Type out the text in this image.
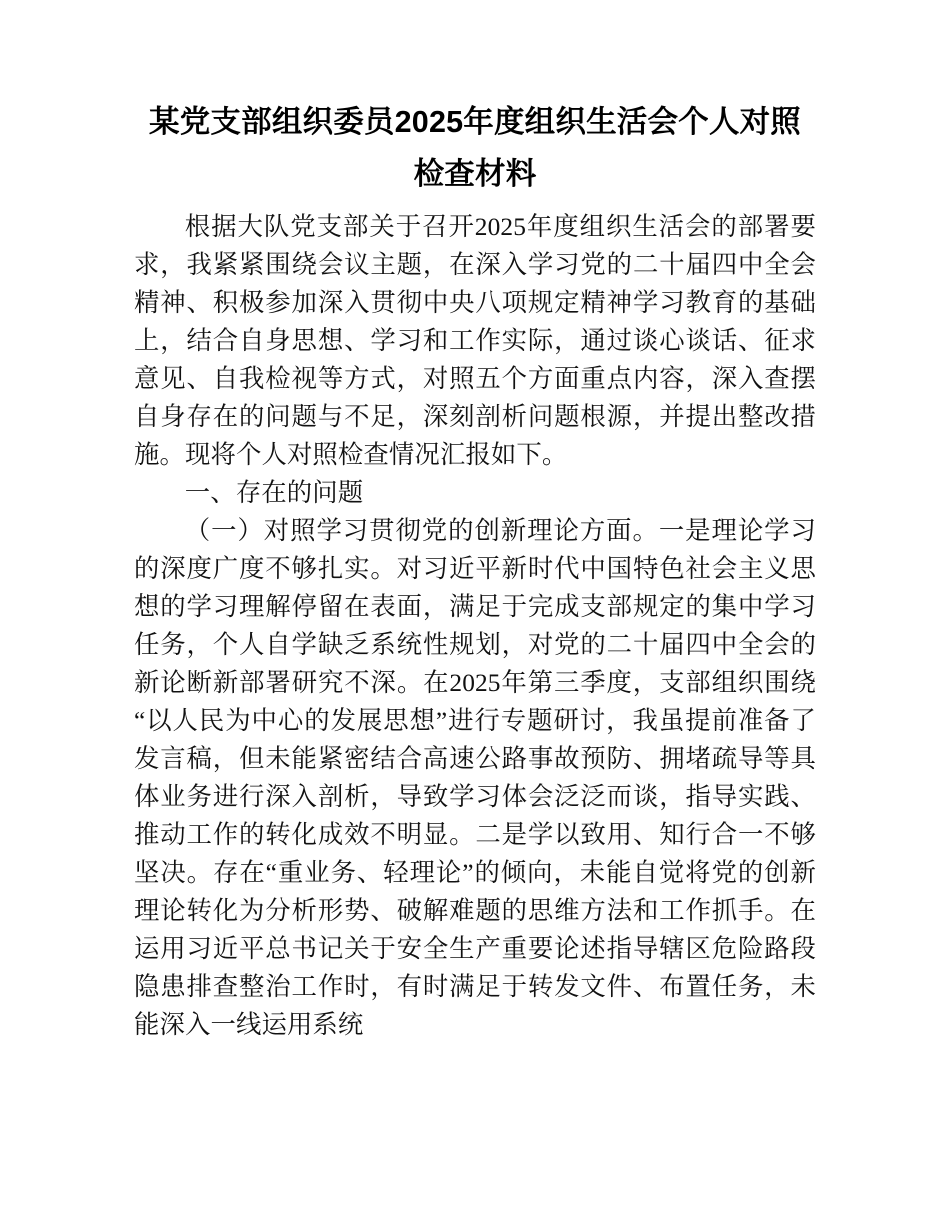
某党支部组织委员2025年度组织生活会个人对照检查材料

根据大队党支部关于召开2025年度组织生活会的部署要求，我紧紧围绕会议主题，在深入学习党的二十届四中全会精神、积极参加深入贯彻中央八项规定精神学习教育的基础上，结合自身思想、学习和工作实际，通过谈心谈话、征求意见、自我检视等方式，对照五个方面重点内容，深入查摆自身存在的问题与不足，深刻剖析问题根源，并提出整改措施。现将个人对照检查情况汇报如下。

一、存在的问题

（一）对照学习贯彻党的创新理论方面。一是理论学习的深度广度不够扎实。对习近平新时代中国特色社会主义思想的学习理解停留在表面，满足于完成支部规定的集中学习任务，个人自学缺乏系统性规划，对党的二十届四中全会的新论断新部署研究不深。在2025年第三季度，支部组织围绕“以人民为中心的发展思想”进行专题研讨，我虽提前准备了发言稿，但未能紧密结合高速公路事故预防、拥堵疏导等具体业务进行深入剖析，导致学习体会泛泛而谈，指导实践、推动工作的转化成效不明显。二是学以致用、知行合一不够坚决。存在“重业务、轻理论”的倾向，未能自觉将党的创新理论转化为分析形势、破解难题的思维方法和工作抓手。在运用习近平总书记关于安全生产重要论述指导辖区危险路段隐患排查整治工作时，有时满足于转发文件、布置任务，未能深入一线运用系统
